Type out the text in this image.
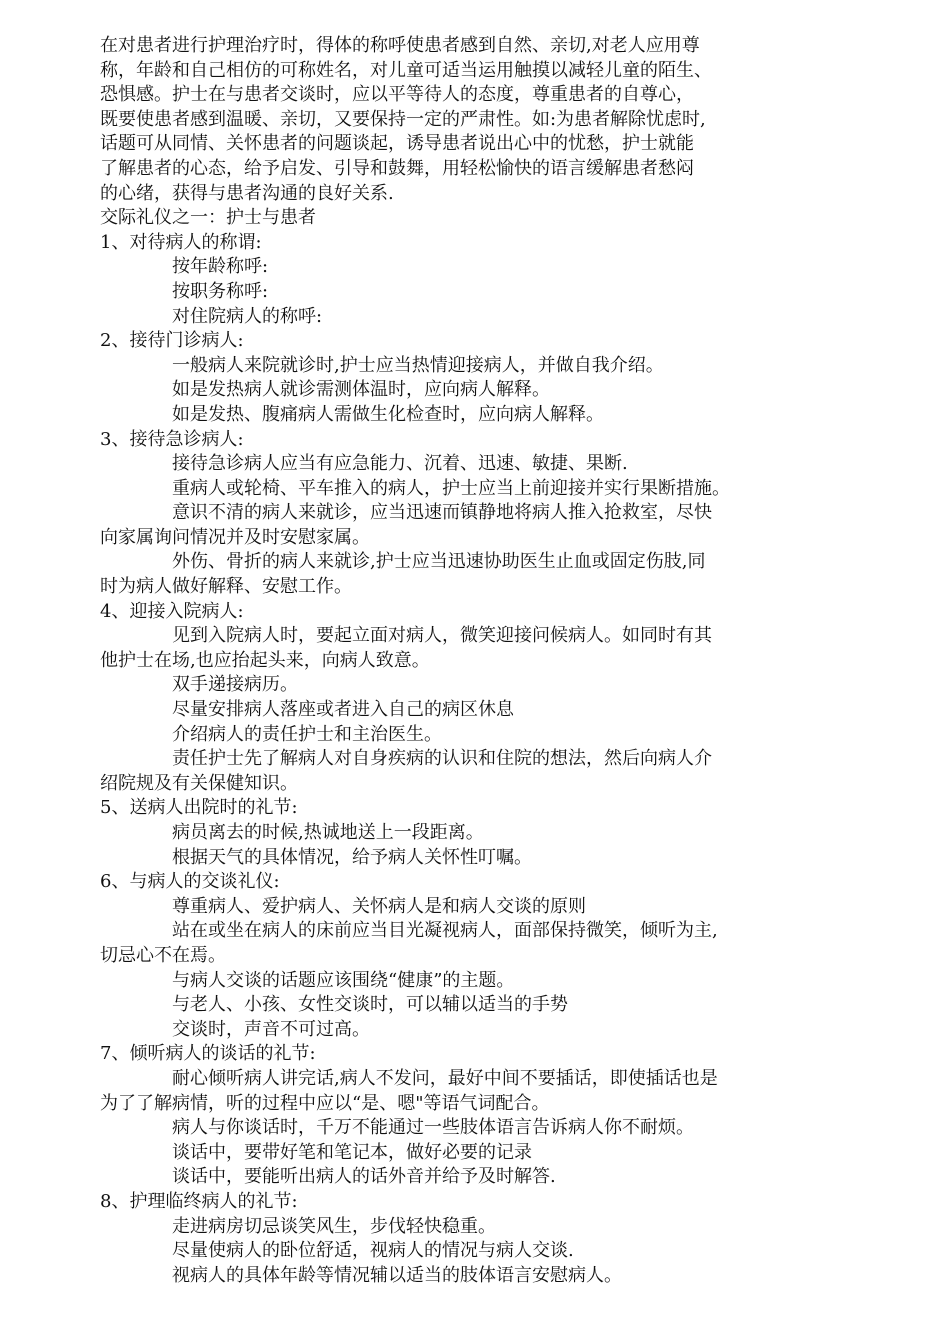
在对患者进行护理治疗时，得体的称呼使患者感到自然、亲切,对老人应用尊
称，年龄和自己相仿的可称姓名，对儿童可适当运用触摸以减轻儿童的陌生、
恐惧感。护士在与患者交谈时，应以平等待人的态度，尊重患者的自尊心，
既要使患者感到温暖、亲切，又要保持一定的严肃性。如:为患者解除忧虑时,
话题可从同情、关怀患者的问题谈起，诱导患者说出心中的忧愁，护士就能
了解患者的心态，给予启发、引导和鼓舞，用轻松愉快的语言缓解患者愁闷
的心绪，获得与患者沟通的良好关系.
交际礼仪之一：护士与患者
1、对待病人的称谓:
按年龄称呼:
按职务称呼:
对住院病人的称呼:
2、接待门诊病人:
一般病人来院就诊时,护士应当热情迎接病人，并做自我介绍。
如是发热病人就诊需测体温时，应向病人解释。
如是发热、腹痛病人需做生化检查时，应向病人解释。
3、接待急诊病人:
接待急诊病人应当有应急能力、沉着、迅速、敏捷、果断.
重病人或轮椅、平车推入的病人，护士应当上前迎接并实行果断措施。
意识不清的病人来就诊，应当迅速而镇静地将病人推入抢救室，尽快
向家属询问情况并及时安慰家属。
外伤、骨折的病人来就诊,护士应当迅速协助医生止血或固定伤肢,同
时为病人做好解释、安慰工作。
4、迎接入院病人:
见到入院病人时，要起立面对病人，微笑迎接问候病人。如同时有其
他护士在场,也应抬起头来，向病人致意。
双手递接病历。
尽量安排病人落座或者进入自己的病区休息
介绍病人的责任护士和主治医生。
责任护士先了解病人对自身疾病的认识和住院的想法，然后向病人介
绍院规及有关保健知识。
5、送病人出院时的礼节:
病员离去的时候,热诚地送上一段距离。
根据天气的具体情况，给予病人关怀性叮嘱。
6、与病人的交谈礼仪:
尊重病人、爱护病人、关怀病人是和病人交谈的原则
站在或坐在病人的床前应当目光凝视病人，面部保持微笑，倾听为主,
切忌心不在焉。
与病人交谈的话题应该围绕“健康”的主题。
与老人、小孩、女性交谈时，可以辅以适当的手势
交谈时，声音不可过高。
7、倾听病人的谈话的礼节:
耐心倾听病人讲完话,病人不发问，最好中间不要插话，即使插话也是
为了了解病情，听的过程中应以“是、嗯"等语气词配合。
病人与你谈话时，千万不能通过一些肢体语言告诉病人你不耐烦。
谈话中，要带好笔和笔记本，做好必要的记录
谈话中，要能听出病人的话外音并给予及时解答.
8、护理临终病人的礼节:
走进病房切忌谈笑风生，步伐轻快稳重。
尽量使病人的卧位舒适，视病人的情况与病人交谈.
视病人的具体年龄等情况辅以适当的肢体语言安慰病人。
